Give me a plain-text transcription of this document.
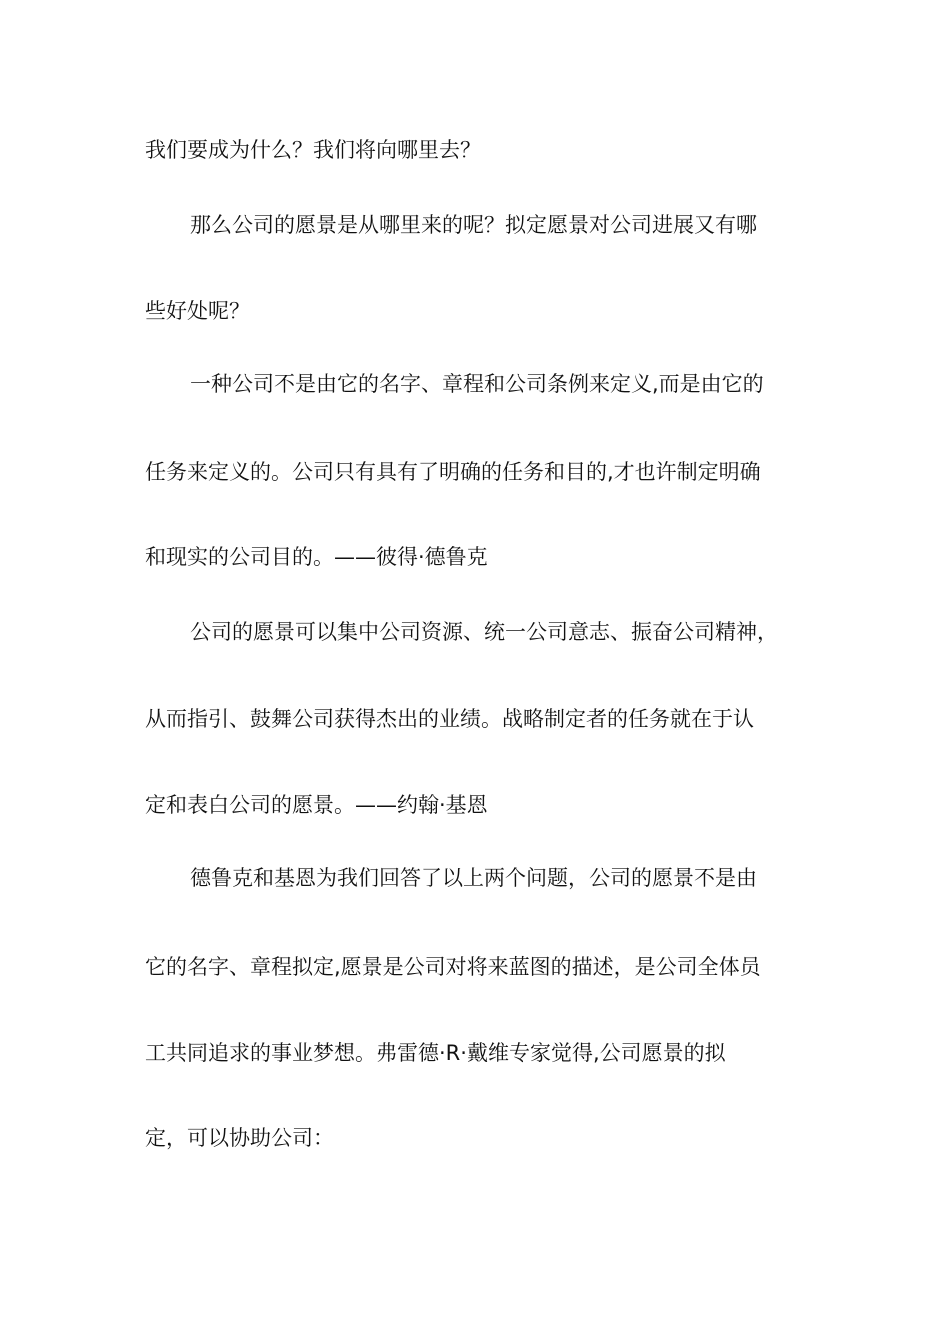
我们要成为什么？我们将向哪里去？

那么公司的愿景是从哪里来的呢？拟定愿景对公司进展又有哪

些好处呢？

一种公司不是由它的名字、章程和公司条例来定义,而是由它的

任务来定义的。公司只有具有了明确的任务和目的,才也许制定明确

和现实的公司目的。——彼得·德鲁克

公司的愿景可以集中公司资源、统一公司意志、振奋公司精神，

从而指引、鼓舞公司获得杰出的业绩。战略制定者的任务就在于认

定和表白公司的愿景。——约翰·基恩

德鲁克和基恩为我们回答了以上两个问题，公司的愿景不是由

它的名字、章程拟定,愿景是公司对将来蓝图的描述，是公司全体员

工共同追求的事业梦想。弗雷德·R·戴维专家觉得,公司愿景的拟

定，可以协助公司：
